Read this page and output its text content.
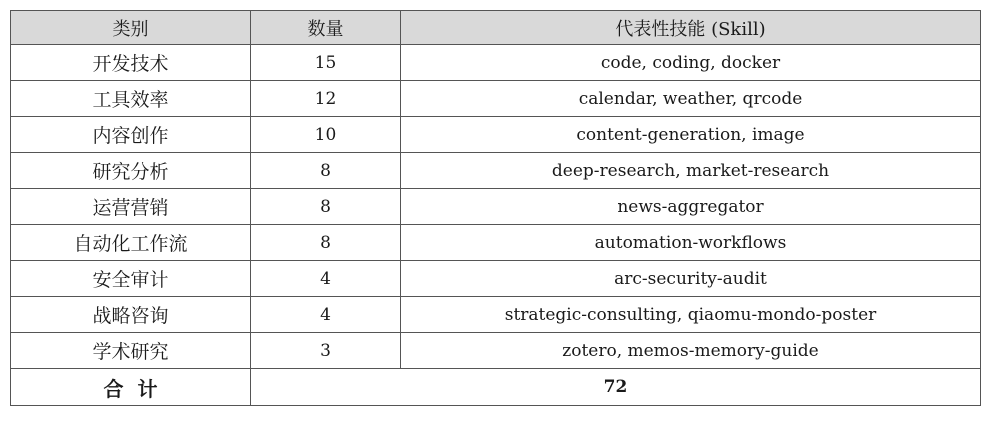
类别	数量	代表性技能 (Skill)
开发技术	15	code, coding, docker
工具效率	12	calendar, weather, qrcode
内容创作	10	content-generation, image
研究分析	8	deep-research, market-research
运营营销	8	news-aggregator
自动化工作流	8	automation-workflows
安全审计	4	arc-security-audit
战略咨询	4	strategic-consulting, qiaomu-mondo-poster
学术研究	3	zotero, memos-memory-guide
合计	72	
